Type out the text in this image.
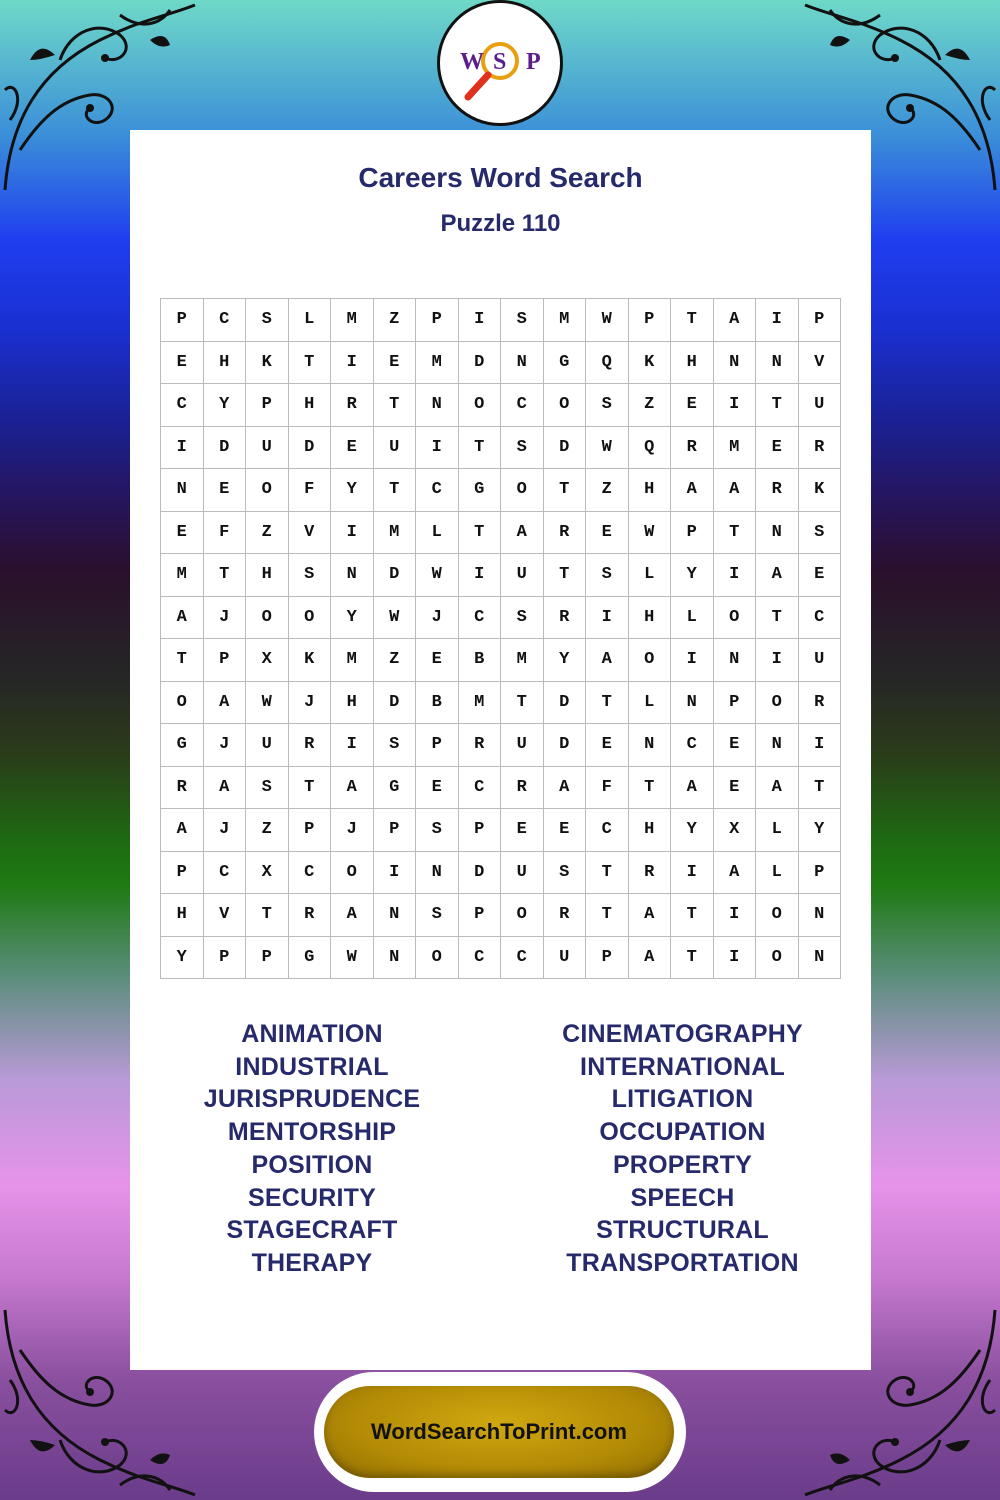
W S P
Careers Word Search
Puzzle 110
P	C	S	L	M	Z	P	I	S	M	W	P	T	A	I	P
E	H	K	T	I	E	M	D	N	G	Q	K	H	N	N	V
C	Y	P	H	R	T	N	O	C	O	S	Z	E	I	T	U
I	D	U	D	E	U	I	T	S	D	W	Q	R	M	E	R
N	E	O	F	Y	T	C	G	O	T	Z	H	A	A	R	K
E	F	Z	V	I	M	L	T	A	R	E	W	P	T	N	S
M	T	H	S	N	D	W	I	U	T	S	L	Y	I	A	E
A	J	O	O	Y	W	J	C	S	R	I	H	L	O	T	C
T	P	X	K	M	Z	E	B	M	Y	A	O	I	N	I	U
O	A	W	J	H	D	B	M	T	D	T	L	N	P	O	R
G	J	U	R	I	S	P	R	U	D	E	N	C	E	N	I
R	A	S	T	A	G	E	C	R	A	F	T	A	E	A	T
A	J	Z	P	J	P	S	P	E	E	C	H	Y	X	L	Y
P	C	X	C	O	I	N	D	U	S	T	R	I	A	L	P
H	V	T	R	A	N	S	P	O	R	T	A	T	I	O	N
Y	P	P	G	W	N	O	C	C	U	P	A	T	I	O	N
ANIMATION
INDUSTRIAL
JURISPRUDENCE
MENTORSHIP
POSITION
SECURITY
STAGECRAFT
THERAPY
CINEMATOGRAPHY
INTERNATIONAL
LITIGATION
OCCUPATION
PROPERTY
SPEECH
STRUCTURAL
TRANSPORTATION
WordSearchToPrint.com
